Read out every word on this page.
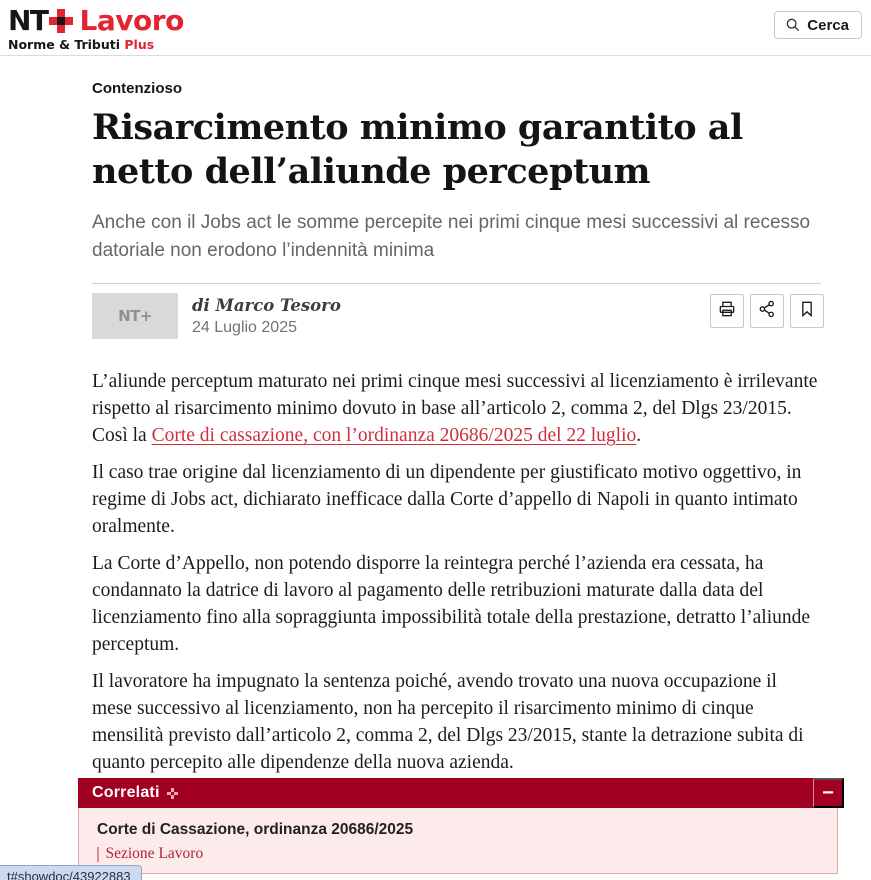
NT Lavoro
Norme & Tributi Plus
Cerca
Contenzioso
Risarcimento minimo garantito al netto dell’aliunde perceptum
Anche con il Jobs act le somme percepite nei primi cinque mesi successivi al recesso datoriale non erodono l’indennità minima
NT+
di Marco Tesoro
24 Luglio 2025

L’aliunde perceptum maturato nei primi cinque mesi successivi al licenziamento è irrilevante rispetto al risarcimento minimo dovuto in base all’articolo 2, comma 2, del Dlgs 23/2015. Così la Corte di cassazione, con l’ordinanza 20686/2025 del 22 luglio.

Il caso trae origine dal licenziamento di un dipendente per giustificato motivo oggettivo, in regime di Jobs act, dichiarato inefficace dalla Corte d’appello di Napoli in quanto intimato oralmente.

La Corte d’Appello, non potendo disporre la reintegra perché l’azienda era cessata, ha condannato la datrice di lavoro al pagamento delle retribuzioni maturate dalla data del licenziamento fino alla sopraggiunta impossibilità totale della prestazione, detratto l’aliunde perceptum.

Il lavoratore ha impugnato la sentenza poiché, avendo trovato una nuova occupazione il mese successivo al licenziamento, non ha percepito il risarcimento minimo di cinque mensilità previsto dall’articolo 2, comma 2, del Dlgs 23/2015, stante la detrazione subita di quanto percepito alle dipendenze della nuova azienda.

Correlati	−
Corte di Cassazione, ordinanza 20686/2025
Sezione Lavoro
t#showdoc/43922883
